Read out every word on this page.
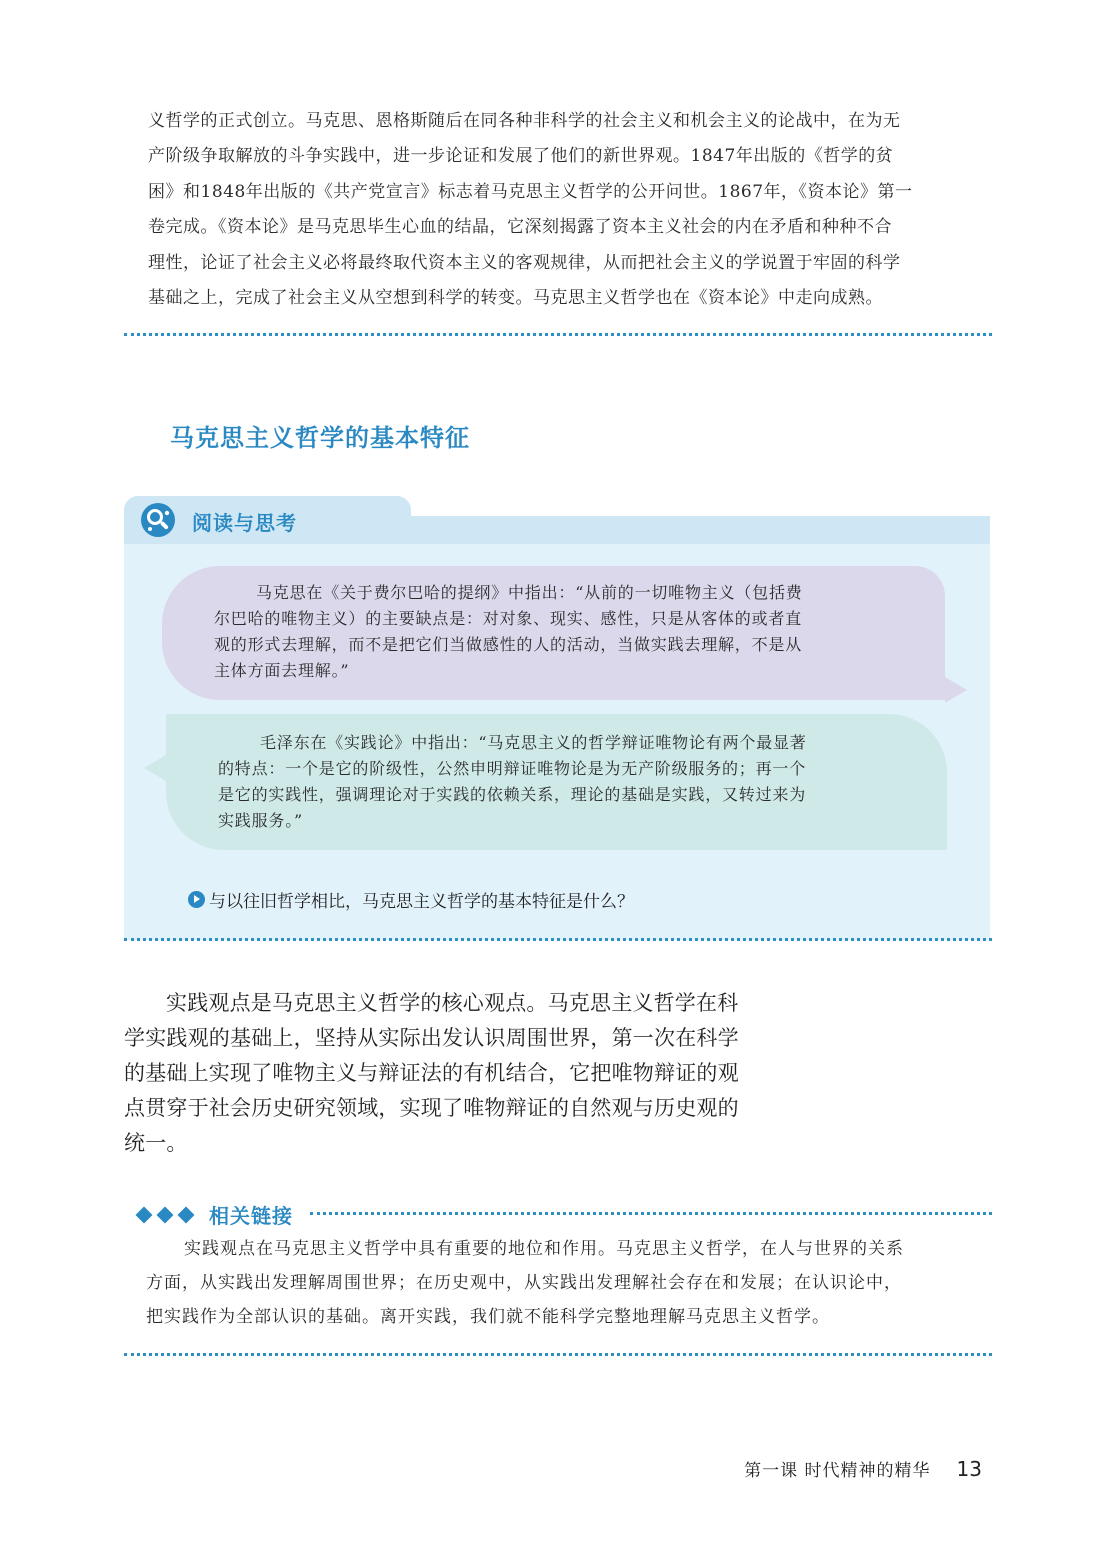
义哲学的正式创立。马克思、恩格斯随后在同各种非科学的社会主义和机会主义的论战中，在为无

产阶级争取解放的斗争实践中，进一步论证和发展了他们的新世界观。1847年出版的《哲学的贫

困》和1848年出版的《共产党宣言》标志着马克思主义哲学的公开问世。1867年，《资本论》第一

卷完成。《资本论》是马克思毕生心血的结晶，它深刻揭露了资本主义社会的内在矛盾和种种不合

理性，论证了社会主义必将最终取代资本主义的客观规律，从而把社会主义的学说置于牢固的科学

基础之上，完成了社会主义从空想到科学的转变。马克思主义哲学也在《资本论》中走向成熟。

马克思主义哲学的基本特征
马克思在《关于费尔巴哈的提纲》中指出：“从前的一切唯物主义（包括费
尔巴哈的唯物主义）的主要缺点是：对对象、现实、感性，只是从客体的或者直
观的形式去理解，而不是把它们当做感性的人的活动，当做实践去理解，不是从
主体方面去理解。”
毛泽东在《实践论》中指出：“马克思主义的哲学辩证唯物论有两个最显著
的特点：一个是它的阶级性，公然申明辩证唯物论是为无产阶级服务的；再一个
是它的实践性，强调理论对于实践的依赖关系，理论的基础是实践，又转过来为
实践服务。”
与以往旧哲学相比，马克思主义哲学的基本特征是什么？
阅读与思考
实践观点是马克思主义哲学的核心观点。马克思主义哲学在科
学实践观的基础上，坚持从实际出发认识周围世界，第一次在科学
的基础上实现了唯物主义与辩证法的有机结合，它把唯物辩证的观
点贯穿于社会历史研究领域，实现了唯物辩证的自然观与历史观的
统一。
相关链接
实践观点在马克思主义哲学中具有重要的地位和作用。马克思主义哲学，在人与世界的关系
方面，从实践出发理解周围世界；在历史观中，从实践出发理解社会存在和发展；在认识论中，
把实践作为全部认识的基础。离开实践，我们就不能科学完整地理解马克思主义哲学。
第一课 时代精神的精华 13
